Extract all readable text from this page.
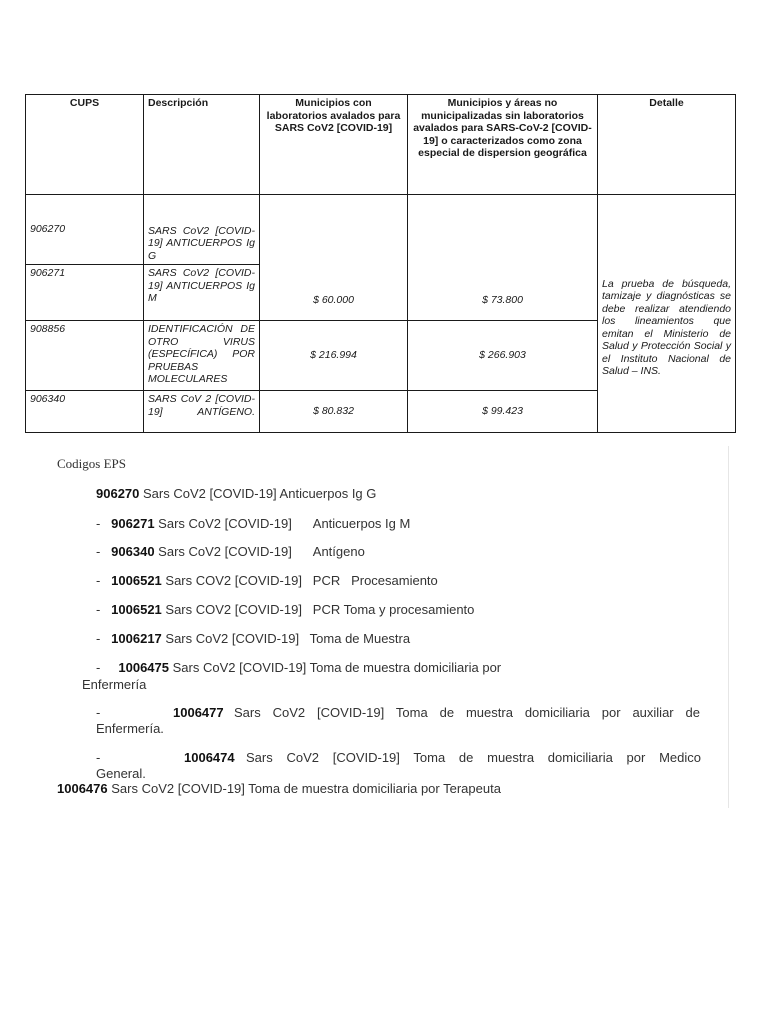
CUPS	Descripción	Municipios con laboratorios avalados para SARS CoV2 [COVID-19]	Municipios y áreas no municipalizadas sin laboratorios avalados para SARS-CoV-2 [COVID-19] o caracterizados como zona especial de dispersion geográfica	Detalle
906270	SARS CoV2 [COVID-19] ANTICUERPOS Ig G	$ 60.000	$ 73.800	La prueba de búsqueda, tamizaje y diagnósticas se debe realizar atendiendo los lineamientos que emitan el Ministerio de Salud y Protección Social y el Instituto Nacional de Salud – INS.
906271	SARS CoV2 [COVID-19] ANTICUERPOS Ig M			
908856	IDENTIFICACIÓN DE OTRO VIRUS (ESPECÍFICA) POR PRUEBAS MOLECULARES	$ 216.994	$ 266.903	
906340	SARS CoV 2 [COVID-19] ANTÍGENO.	$ 80.832	$ 99.423	
Codigos EPS
906270 Sars CoV2 [COVID-19] Anticuerpos Ig G
-   906271 Sars CoV2 [COVID-19]      Anticuerpos Ig M
-   906340 Sars CoV2 [COVID-19]      Antígeno
-   1006521 Sars COV2 [COVID-19]   PCR   Procesamiento
-   1006521 Sars COV2 [COVID-19]   PCR Toma y procesamiento
-   1006217 Sars CoV2 [COVID-19]   Toma de Muestra
-     1006475 Sars CoV2 [COVID-19] Toma de muestra domiciliaria por
Enfermería
-	1006477 Sars CoV2 [COVID-19] Toma de muestra domiciliaria por auxiliar de
Enfermería.
-	1006474 Sars CoV2 [COVID-19] Toma de muestra domiciliaria por Medico
General.
1006476 Sars CoV2 [COVID-19] Toma de muestra domiciliaria por Terapeuta
